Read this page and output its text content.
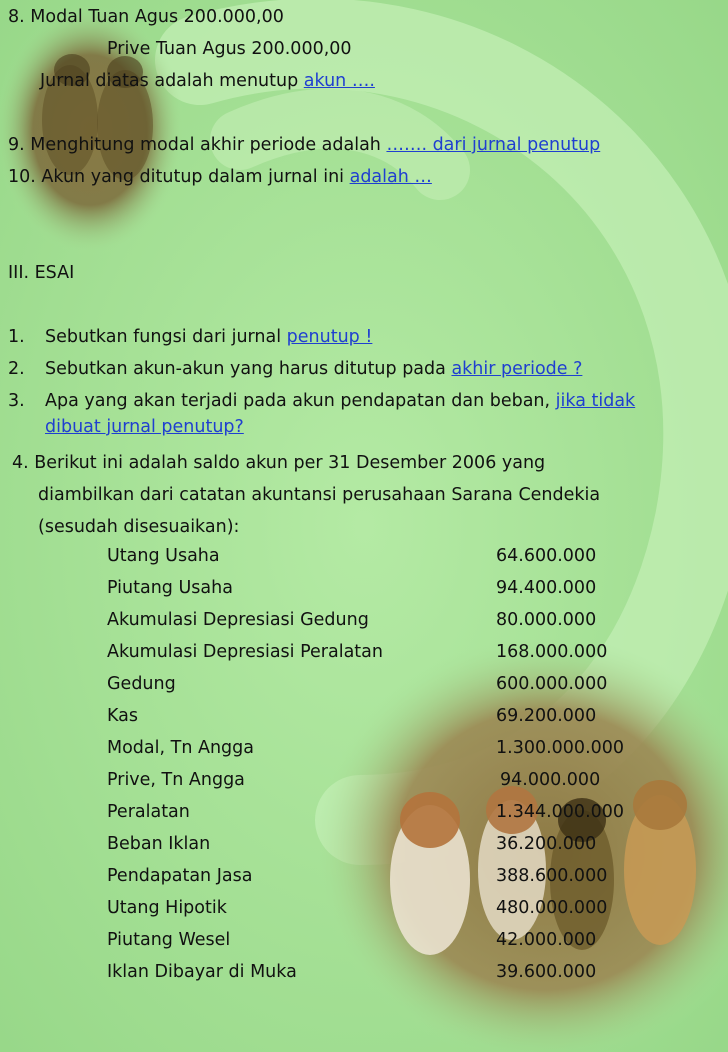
8. Modal Tuan Agus 200.000,00
Prive Tuan Agus 200.000,00
Jurnal diatas adalah menutup akun ….
9. Menghitung modal akhir periode adalah ……. dari jurnal penutup
10. Akun yang ditutup dalam jurnal ini adalah …
III. ESAI
1. Sebutkan fungsi dari jurnal penutup !
2. Sebutkan akun-akun yang harus ditutup pada akhir periode ?
3. Apa yang akan terjadi pada akun pendapatan dan beban, jika tidak
dibuat jurnal penutup?
4. Berikut ini adalah saldo akun per 31 Desember 2006 yang
diambilkan dari catatan akuntansi perusahaan Sarana Cendekia
(sesudah disesuaikan):
Utang Usaha	64.600.000
Piutang Usaha	94.400.000
Akumulasi Depresiasi Gedung	80.000.000
Akumulasi Depresiasi Peralatan	168.000.000
Gedung	600.000.000
Kas	69.200.000
Modal, Tn Angga	1.300.000.000
Prive, Tn Angga	94.000.000
Peralatan	1.344.000.000
Beban Iklan	36.200.000
Pendapatan Jasa	388.600.000
Utang Hipotik	480.000.000
Piutang Wesel	42.000.000
Iklan Dibayar di Muka	39.600.000
